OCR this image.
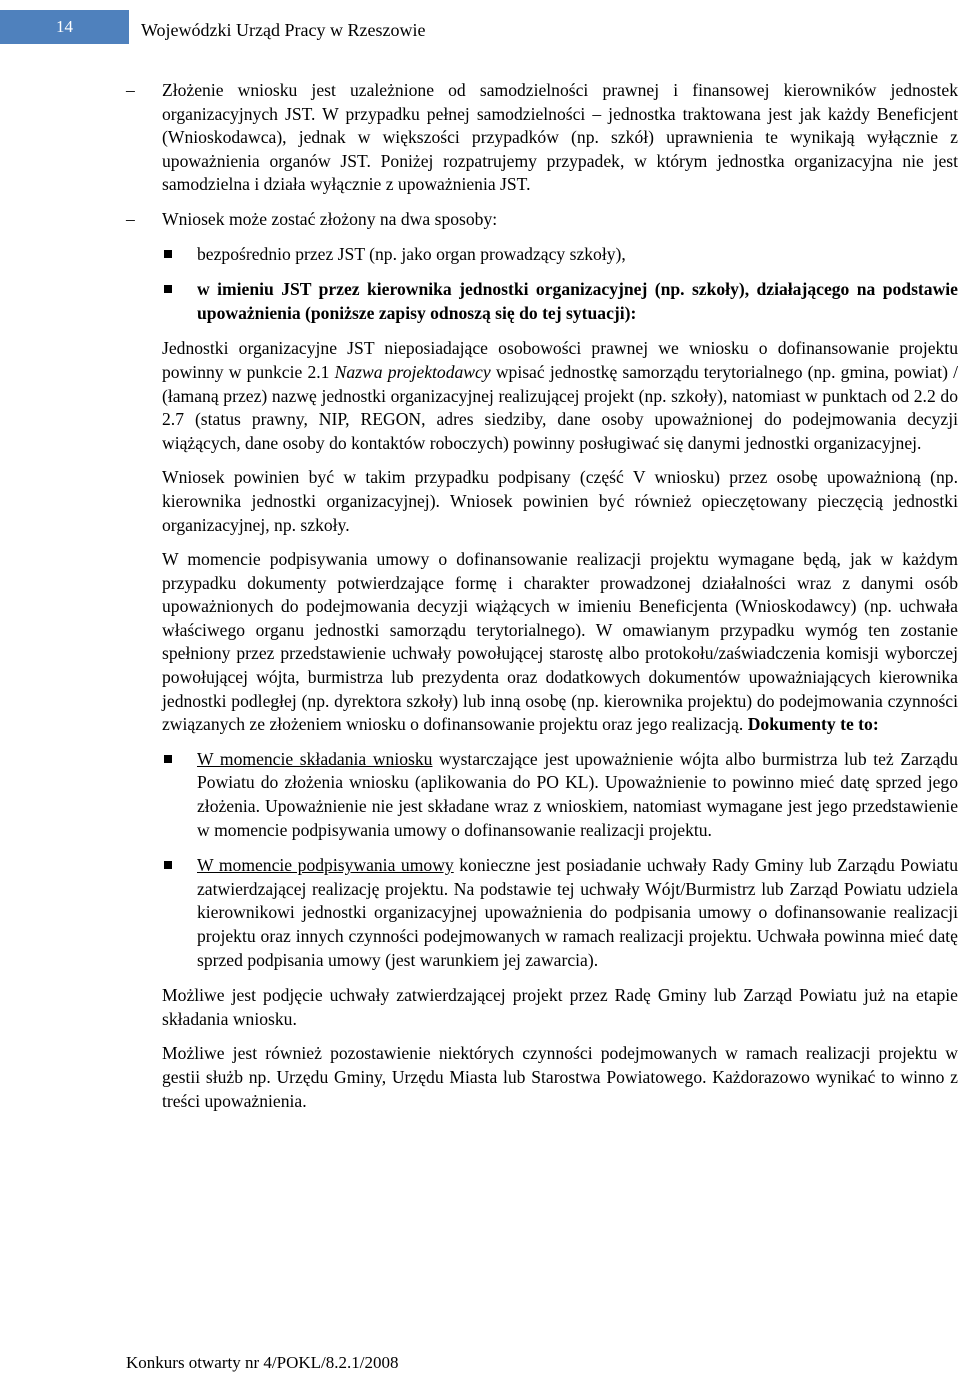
14	Wojewódzki Urząd Pracy w Rzeszowie
–	Złożenie wniosku jest uzależnione od samodzielności prawnej i finansowej kierowników jednostek organizacyjnych JST. W przypadku pełnej samodzielności – jednostka traktowana jest jak każdy Beneficjent (Wnioskodawca), jednak w większości przypadków (np. szkół) uprawnienia te wynikają wyłącznie z upoważnienia organów JST. Poniżej rozpatrujemy przypadek, w którym jednostka organizacyjna nie jest samodzielna i działa wyłącznie z upoważnienia JST.

–	Wniosek może zostać złożony na dwa sposoby:

bezpośrednio przez JST (np. jako organ prowadzący szkoły),

w imieniu JST przez kierownika jednostki organizacyjnej (np. szkoły), działającego na podstawie upoważnienia (poniższe zapisy odnoszą się do tej sytuacji):

Jednostki organizacyjne JST nieposiadające osobowości prawnej we wniosku o dofinansowanie projektu powinny w punkcie 2.1 Nazwa projektodawcy wpisać jednostkę samorządu terytorialnego (np. gmina, powiat) / (łamaną przez) nazwę jednostki organizacyjnej realizującej projekt (np. szkoły), natomiast w punktach od 2.2 do 2.7 (status prawny, NIP, REGON, adres siedziby, dane osoby upoważnionej do podejmowania decyzji wiążących, dane osoby do kontaktów roboczych) powinny posługiwać się danymi jednostki organizacyjnej.

Wniosek powinien być w takim przypadku podpisany (część V wniosku) przez osobę upoważnioną (np. kierownika jednostki organizacyjnej). Wniosek powinien być również opieczętowany pieczęcią jednostki organizacyjnej, np. szkoły.

W momencie podpisywania umowy o dofinansowanie realizacji projektu wymagane będą, jak w każdym przypadku dokumenty potwierdzające formę i charakter prowadzonej działalności wraz z danymi osób upoważnionych do podejmowania decyzji wiążących w imieniu Beneficjenta (Wnioskodawcy) (np. uchwała właściwego organu jednostki samorządu terytorialnego). W omawianym przypadku wymóg ten zostanie spełniony przez przedstawienie uchwały powołującej starostę albo protokołu/zaświadczenia komisji wyborczej powołującej wójta, burmistrza lub prezydenta oraz dodatkowych dokumentów upoważniających kierownika jednostki podległej (np. dyrektora szkoły) lub inną osobę (np. kierownika projektu) do podejmowania czynności związanych ze złożeniem wniosku o dofinansowanie projektu oraz jego realizacją. Dokumenty te to:

W momencie składania wniosku wystarczające jest upoważnienie wójta albo burmistrza lub też Zarządu Powiatu do złożenia wniosku (aplikowania do PO KL). Upoważnienie to powinno mieć datę sprzed jego złożenia. Upoważnienie nie jest składane wraz z wnioskiem, natomiast wymagane jest jego przedstawienie w momencie podpisywania umowy o dofinansowanie realizacji projektu.

W momencie podpisywania umowy konieczne jest posiadanie uchwały Rady Gminy lub Zarządu Powiatu zatwierdzającej realizację projektu. Na podstawie tej uchwały Wójt/Burmistrz lub Zarząd Powiatu udziela kierownikowi jednostki organizacyjnej upoważnienia do podpisania umowy o dofinansowanie realizacji projektu oraz innych czynności podejmowanych w ramach realizacji projektu. Uchwała powinna mieć datę sprzed podpisania umowy (jest warunkiem jej zawarcia).

Możliwe jest podjęcie uchwały zatwierdzającej projekt przez Radę Gminy lub Zarząd Powiatu już na etapie składania wniosku.

Możliwe jest również pozostawienie niektórych czynności podejmowanych w ramach realizacji projektu w gestii służb np. Urzędu Gminy, Urzędu Miasta lub Starostwa Powiatowego. Każdorazowo wynikać to winno z treści upoważnienia.

Konkurs otwarty nr 4/POKL/8.2.1/2008
